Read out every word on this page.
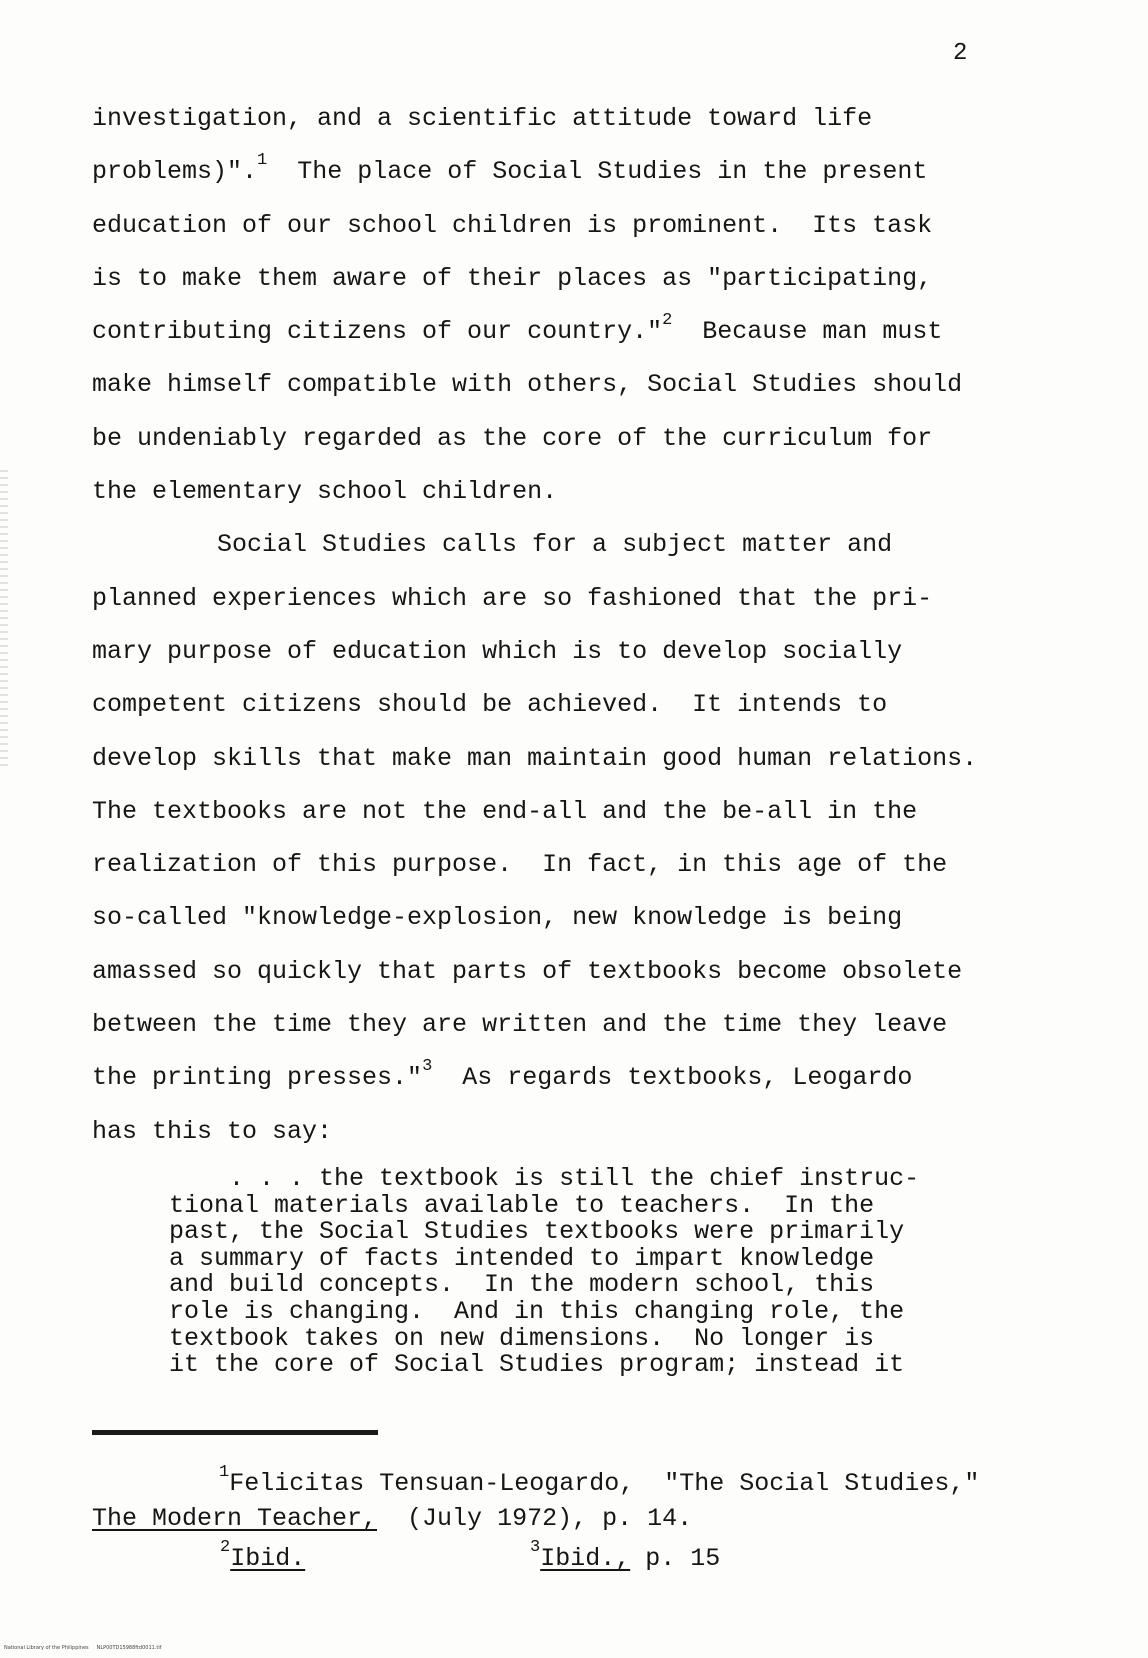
2
investigation, and a scientific attitude toward life
problems)".$^1$  The place of Social Studies in the present
education of our school children is prominent.  Its task
is to make them aware of their places as "participating,
contributing citizens of our country."$^2$  Because man must
make himself compatible with others, Social Studies should
be undeniably regarded as the core of the curriculum for
the elementary school children.
Social Studies calls for a subject matter and
planned experiences which are so fashioned that the pri-
mary purpose of education which is to develop socially
competent citizens should be achieved.  It intends to
develop skills that make man maintain good human relations.
The textbooks are not the end-all and the be-all in the
realization of this purpose.  In fact, in this age of the
so-called "knowledge-explosion, new knowledge is being
amassed so quickly that parts of textbooks become obsolete
between the time they are written and the time they leave
the printing presses."$^3$  As regards textbooks, Leogardo
has this to say:
. . . the textbook is still the chief instruc-
tional materials available to teachers.  In the
past, the Social Studies textbooks were primarily
a summary of facts intended to impart knowledge
and build concepts.  In the modern school, this
role is changing.  And in this changing role, the
textbook takes on new dimensions.  No longer is
it the core of Social Studies program; instead it
$^1$Felicitas Tensuan-Leogardo,  "The Social Studies,"
The Modern Teacher,  (July 1972), p. 14.
$^2$Ibid.	$^3$Ibid., p. 15
National Library of the Philippines     NLP00TD15988ftd0011.tif
